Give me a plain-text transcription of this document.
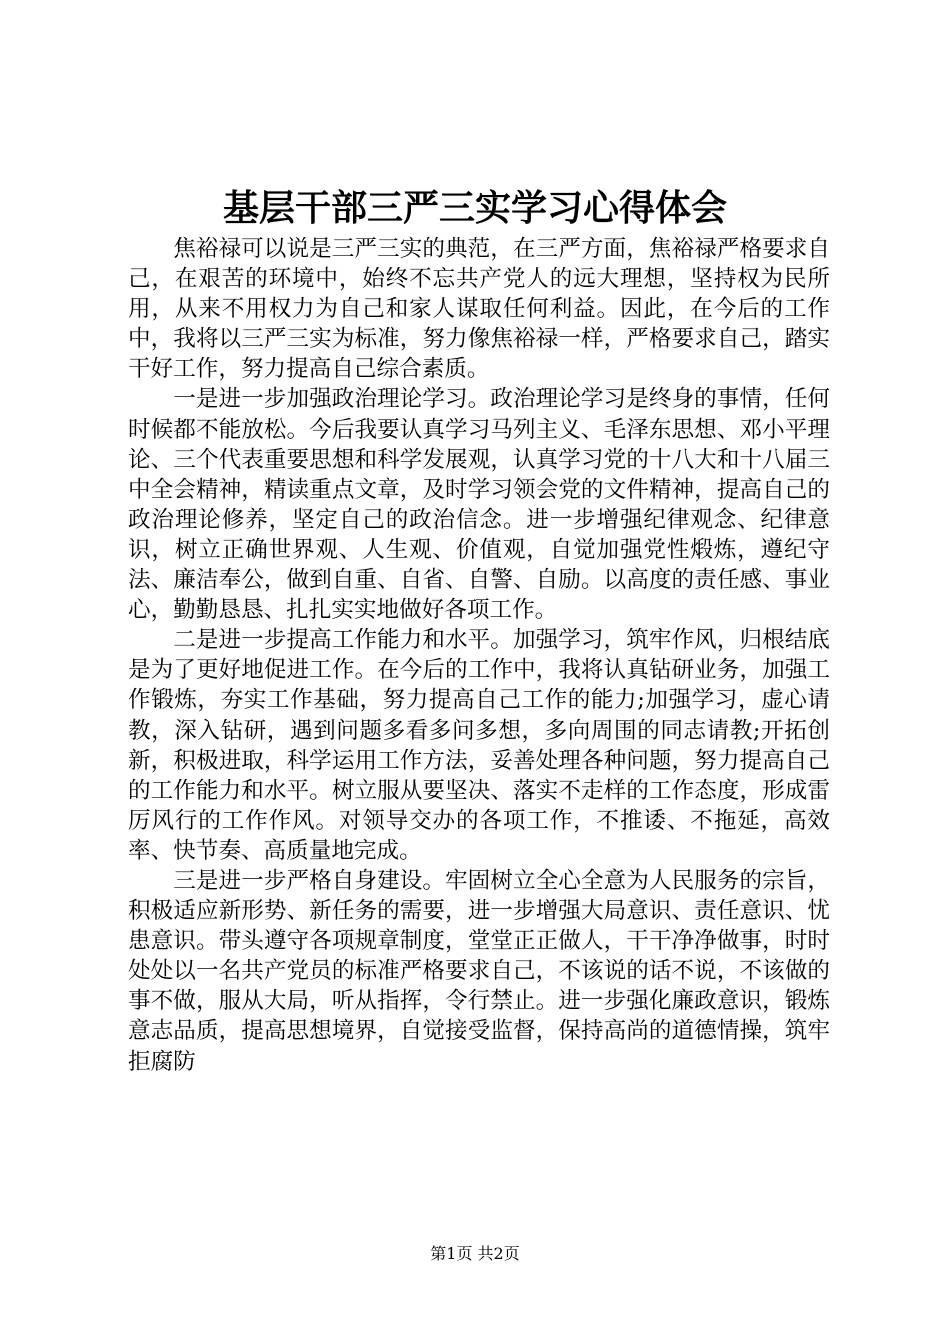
基层干部三严三实学习心得体会

焦裕禄可以说是三严三实的典范，在三严方面，焦裕禄严格要求自己，在艰苦的环境中，始终不忘共产党人的远大理想，坚持权为民所用，从来不用权力为自己和家人谋取任何利益。因此，在今后的工作中，我将以三严三实为标准，努力像焦裕禄一样，严格要求自己，踏实干好工作，努力提高自己综合素质。

一是进一步加强政治理论学习。政治理论学习是终身的事情，任何时候都不能放松。今后我要认真学习马列主义、毛泽东思想、邓小平理论、三个代表重要思想和科学发展观，认真学习党的十八大和十八届三中全会精神，精读重点文章，及时学习领会党的文件精神，提高自己的政治理论修养，坚定自己的政治信念。进一步增强纪律观念、纪律意识，树立正确世界观、人生观、价值观，自觉加强党性煅炼，遵纪守法、廉洁奉公，做到自重、自省、自警、自励。以高度的责任感、事业心，勤勤恳恳、扎扎实实地做好各项工作。

二是进一步提高工作能力和水平。加强学习，筑牢作风，归根结底是为了更好地促进工作。在今后的工作中，我将认真钻研业务，加强工作锻炼，夯实工作基础，努力提高自己工作的能力;加强学习，虚心请教，深入钻研，遇到问题多看多问多想，多向周围的同志请教;开拓创新，积极进取，科学运用工作方法，妥善处理各种问题，努力提高自己的工作能力和水平。树立服从要坚决、落实不走样的工作态度，形成雷厉风行的工作作风。对领导交办的各项工作，不推诿、不拖延，高效率、快节奏、高质量地完成。

三是进一步严格自身建设。牢固树立全心全意为人民服务的宗旨，积极适应新形势、新任务的需要，进一步增强大局意识、责任意识、忧患意识。带头遵守各项规章制度，堂堂正正做人，干干净净做事，时时处处以一名共产党员的标准严格要求自己，不该说的话不说，不该做的事不做，服从大局，听从指挥，令行禁止。进一步强化廉政意识，锻炼意志品质，提高思想境界，自觉接受监督，保持高尚的道德情操，筑牢拒腐防

第1页 共2页
